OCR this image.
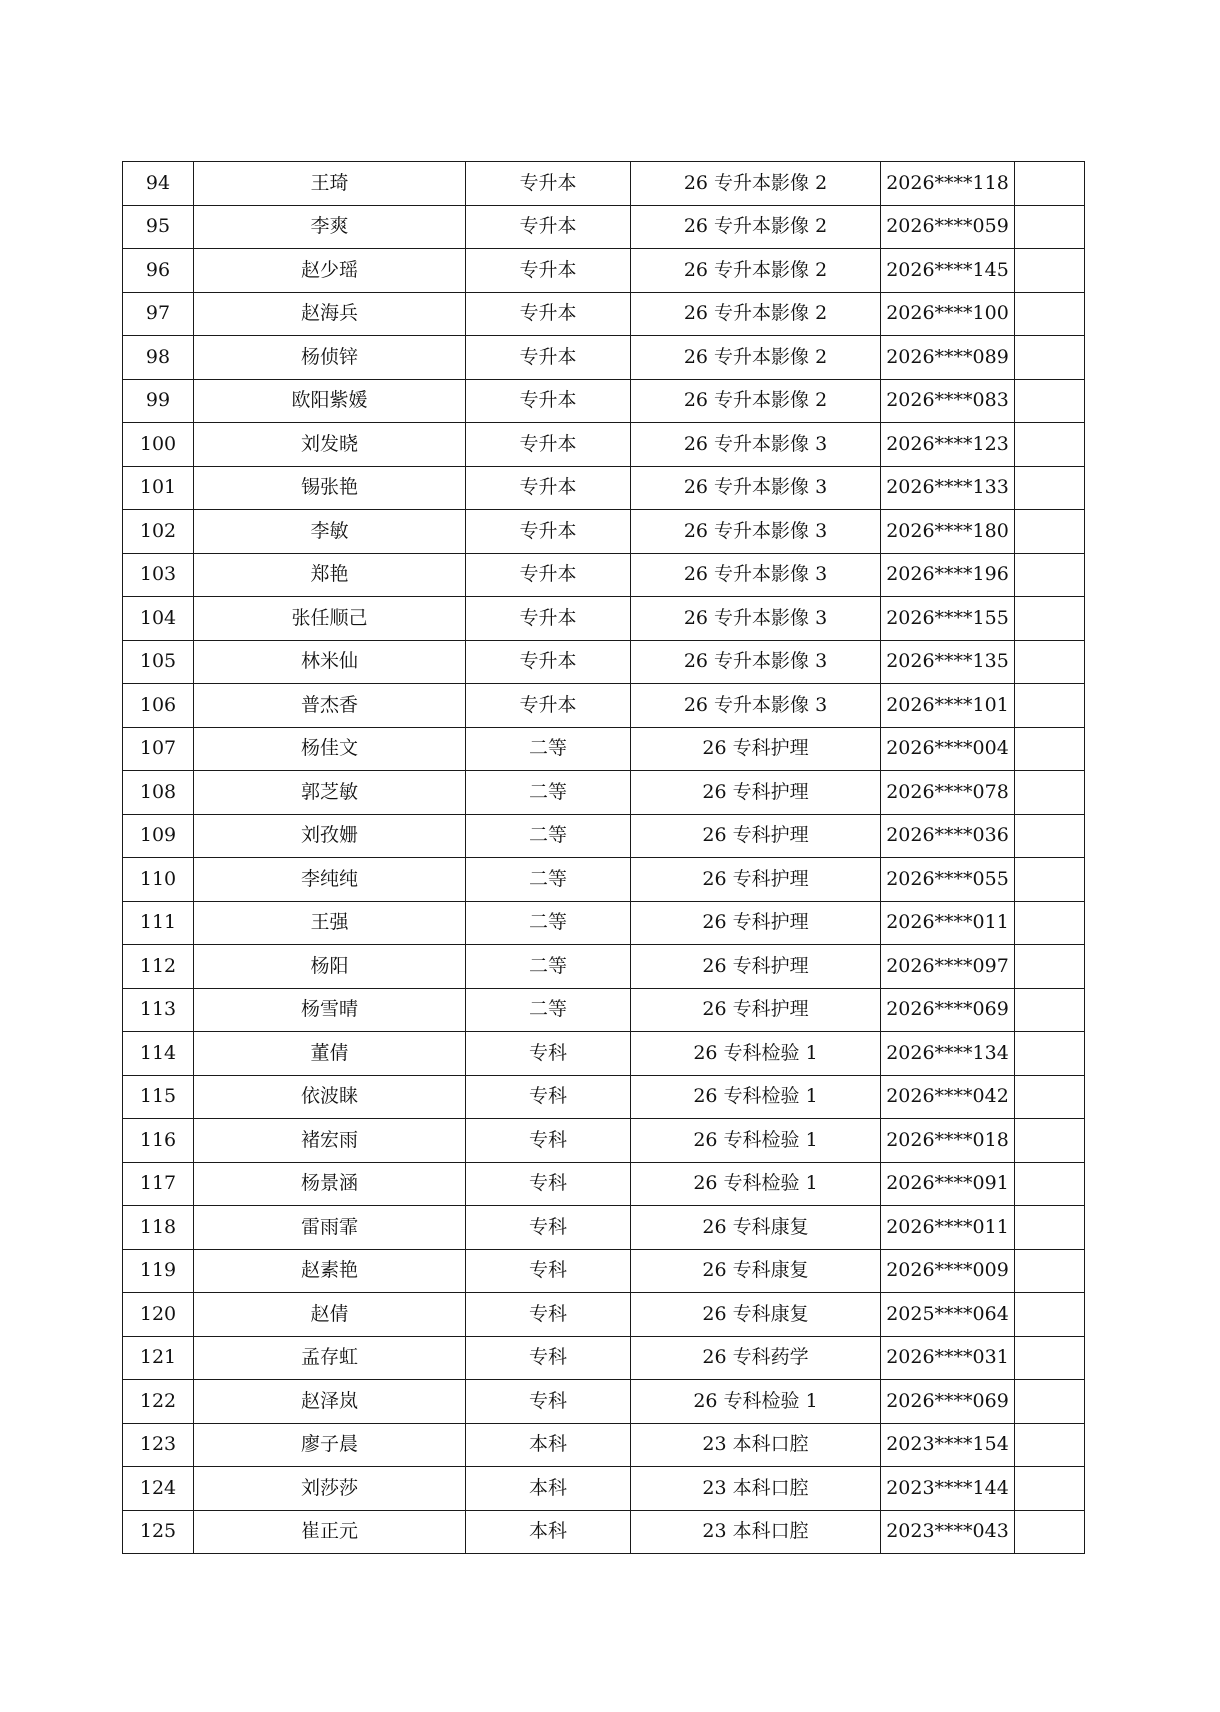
94	王琦	专升本	26 专升本影像 2	2026****118	
95	李爽	专升本	26 专升本影像 2	2026****059	
96	赵少瑶	专升本	26 专升本影像 2	2026****145	
97	赵海兵	专升本	26 专升本影像 2	2026****100	
98	杨侦锌	专升本	26 专升本影像 2	2026****089	
99	欧阳紫媛	专升本	26 专升本影像 2	2026****083	
100	刘发晓	专升本	26 专升本影像 3	2026****123	
101	锡张艳	专升本	26 专升本影像 3	2026****133	
102	李敏	专升本	26 专升本影像 3	2026****180	
103	郑艳	专升本	26 专升本影像 3	2026****196	
104	张任顺己	专升本	26 专升本影像 3	2026****155	
105	林米仙	专升本	26 专升本影像 3	2026****135	
106	普杰香	专升本	26 专升本影像 3	2026****101	
107	杨佳文	二等	26 专科护理	2026****004	
108	郭芝敏	二等	26 专科护理	2026****078	
109	刘孜姗	二等	26 专科护理	2026****036	
110	李纯纯	二等	26 专科护理	2026****055	
111	王强	二等	26 专科护理	2026****011	
112	杨阳	二等	26 专科护理	2026****097	
113	杨雪晴	二等	26 专科护理	2026****069	
114	董倩	专科	26 专科检验 1	2026****134	
115	依波睐	专科	26 专科检验 1	2026****042	
116	褚宏雨	专科	26 专科检验 1	2026****018	
117	杨景涵	专科	26 专科检验 1	2026****091	
118	雷雨霏	专科	26 专科康复	2026****011	
119	赵素艳	专科	26 专科康复	2026****009	
120	赵倩	专科	26 专科康复	2025****064	
121	孟存虹	专科	26 专科药学	2026****031	
122	赵泽岚	专科	26 专科检验 1	2026****069	
123	廖子晨	本科	23 本科口腔	2023****154	
124	刘莎莎	本科	23 本科口腔	2023****144	
125	崔正元	本科	23 本科口腔	2023****043	
